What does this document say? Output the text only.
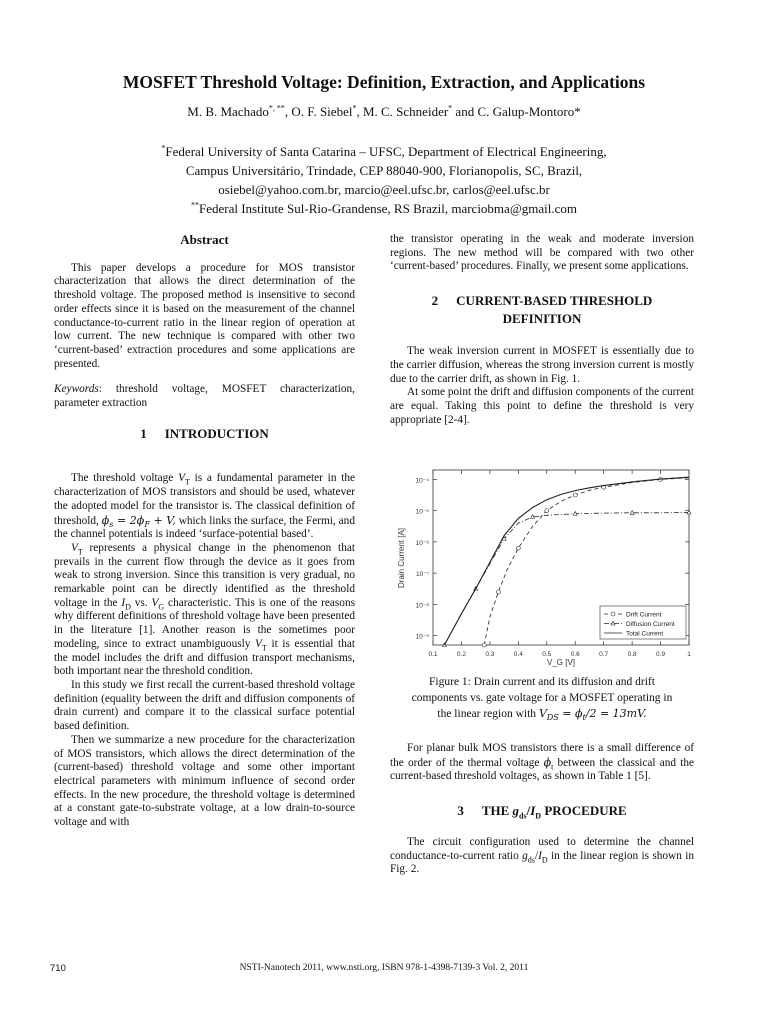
MOSFET Threshold Voltage: Definition, Extraction, and Applications
M. B. Machado*, **, O. F. Siebel*, M. C. Schneider* and C. Galup-Montoro*
*Federal University of Santa Catarina – UFSC, Department of Electrical Engineering,
Campus Universitário, Trindade, CEP 88040-900, Florianopolis, SC, Brazil,
osiebel@yahoo.com.br, marcio@eel.ufsc.br, carlos@eel.ufsc.br
**Federal Institute Sul-Rio-Grandense, RS Brazil, marciobma@gmail.com
Abstract

This paper develops a procedure for MOS transistor characterization that allows the direct determination of the threshold voltage. The proposed method is insensitive to second order effects since it is based on the measurement of the channel conductance-to-current ratio in the linear region of operation at low current. The new technique is compared with other two ‘current-based’ extraction procedures and some applications are presented.

Keywords: threshold voltage, MOSFET characterization, parameter extraction

1 INTRODUCTION

The threshold voltage $V_T$ is a fundamental parameter in the characterization of MOS transistors and should be used, whatever the adopted model for the transistor is. The classical definition of threshold, $\phi_s = 2\phi_F + V$, which links the surface, the Fermi, and the channel potentials is indeed ‘surface-potential based’.

$V_T$ represents a physical change in the phenomenon that prevails in the current flow through the device as it goes from weak to strong inversion. Since this transition is very gradual, no remarkable point can be directly identified as the threshold voltage in the $I_D$ vs. $V_G$ characteristic. This is one of the reasons why different definitions of threshold voltage have been presented in the literature [1]. Another reason is the sometimes poor modeling, since to extract unambiguously $V_T$ it is essential that the model includes the drift and diffusion transport mechanisms, both important near the threshold condition.

In this study we first recall the current-based threshold voltage definition (equality between the drift and diffusion components of drain current) and compare it to the classical surface potential based definition.

Then we summarize a new procedure for the characterization of MOS transistors, which allows the direct determination of the (current-based) threshold voltage and some other important electrical parameters with minimum influence of second order effects. In the new procedure, the threshold voltage is determined at a constant gate-to-substrate voltage, at a low drain-to-source voltage and with

the transistor operating in the weak and moderate inversion regions. The new method will be compared with two other ‘current-based’ procedures. Finally, we present some applications.

2 CURRENT-BASED THRESHOLD
DEFINITION

The weak inversion current in MOSFET is essentially due to the carrier diffusion, whereas the strong inversion current is mostly due to the carrier drift, as shown in Fig. 1.

At some point the drift and diffusion components of the current are equal. Taking this point to define the threshold is very appropriate [2-4].

10⁻⁹
10⁻⁸
10⁻⁷
10⁻⁶
10⁻⁵
10⁻⁴
0.1	0.2	0.3	0.4	0.5	0.6	0.7	0.8	0.9	1
Drain Current [A]
V_G [V]
Drift Current
Diffusion Current
Total Current
Figure 1: Drain current and its diffusion and drift
components vs. gate voltage for a MOSFET operating in
the linear region with $V_{DS} = \phi_t/2 = 13mV$.

For planar bulk MOS transistors there is a small difference of the order of the thermal voltage $\phi_t$ between the classical and the current-based threshold voltages, as shown in Table 1 [5].

3 THE $g_{ds}/I_D$ PROCEDURE

The circuit configuration used to determine the channel conductance-to-current ratio $g_{ds}/I_D$ in the linear region is shown in Fig. 2.

710	NSTI-Nanotech 2011, www.nsti.org, ISBN 978-1-4398-7139-3 Vol. 2, 2011
